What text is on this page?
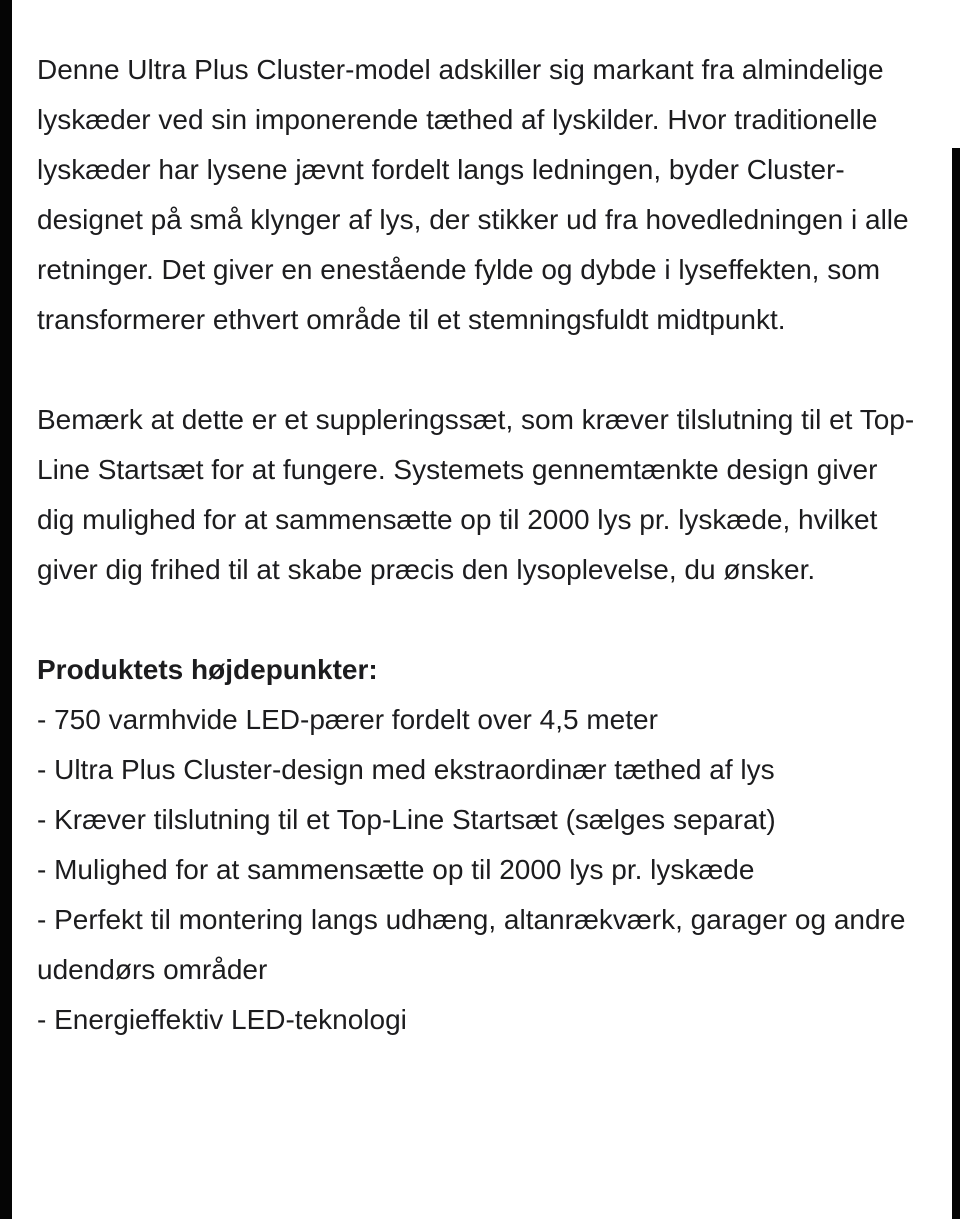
Denne Ultra Plus Cluster-model adskiller sig markant fra almindelige lyskæder ved sin imponerende tæthed af lyskilder. Hvor traditionelle lyskæder har lysene jævnt fordelt langs ledningen, byder Cluster-designet på små klynger af lys, der stikker ud fra hovedledningen i alle retninger. Det giver en enestående fylde og dybde i lyseffekten, som transformerer ethvert område til et stemningsfuldt midtpunkt.

Bemærk at dette er et suppleringssæt, som kræver tilslutning til et Top-Line Startsæt for at fungere. Systemets gennemtænkte design giver dig mulighed for at sammensætte op til 2000 lys pr. lyskæde, hvilket giver dig frihed til at skabe præcis den lysoplevelse, du ønsker.

Produktets højdepunkter:
- 750 varmhvide LED-pærer fordelt over 4,5 meter
- Ultra Plus Cluster-design med ekstraordinær tæthed af lys
- Kræver tilslutning til et Top-Line Startsæt (sælges separat)
- Mulighed for at sammensætte op til 2000 lys pr. lyskæde
- Perfekt til montering langs udhæng, altanrækværk, garager og andre udendørs områder
- Energieffektiv LED-teknologi
